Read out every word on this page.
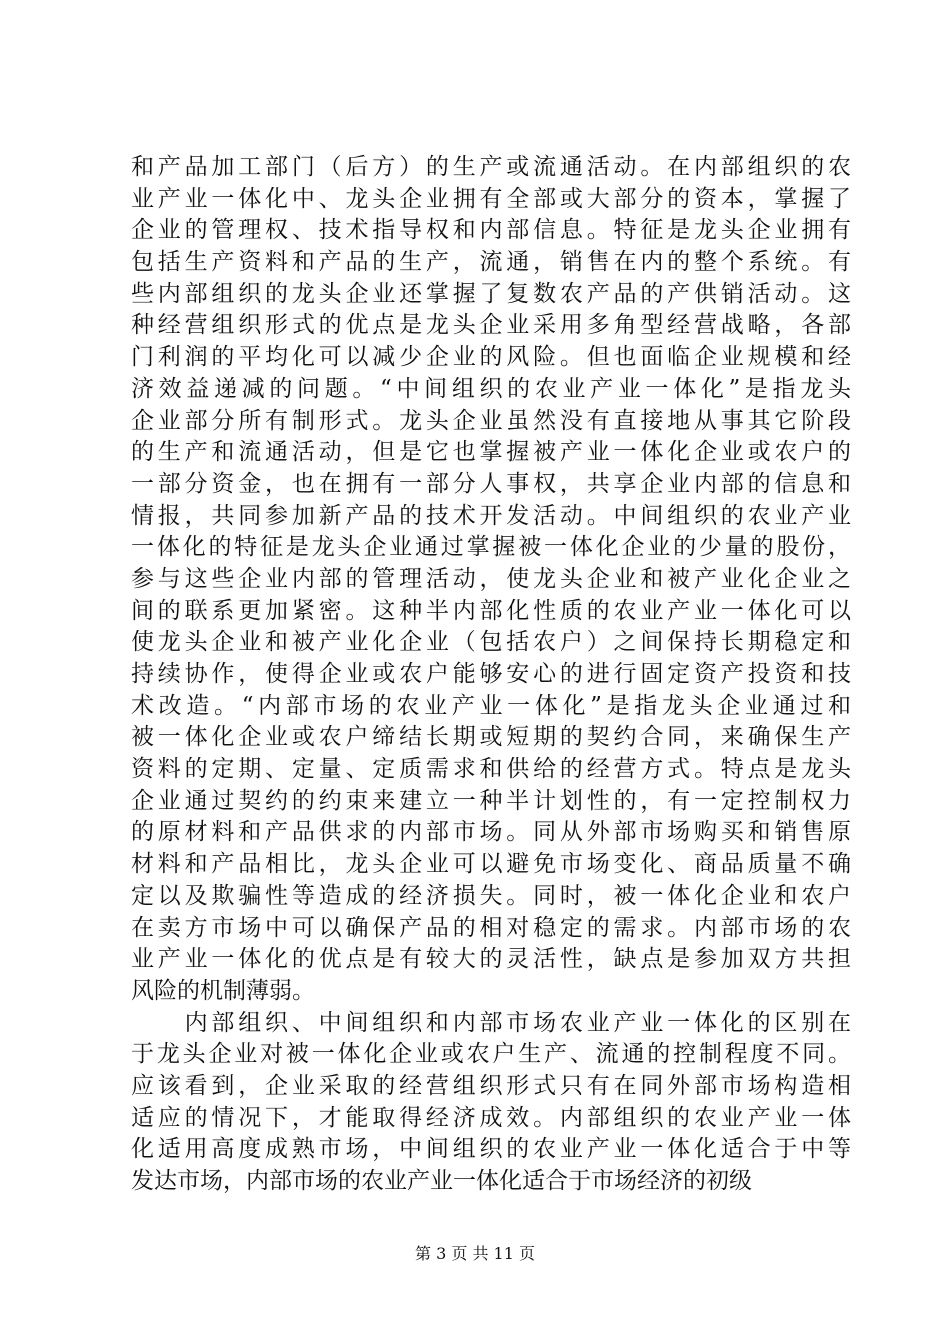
和产品加工部门（后方）的生产或流通活动。在内部组织的农
业产业一体化中、龙头企业拥有全部或大部分的资本，掌握了
企业的管理权、技术指导权和内部信息。特征是龙头企业拥有
包括生产资料和产品的生产，流通，销售在内的整个系统。有
些内部组织的龙头企业还掌握了复数农产品的产供销活动。这
种经营组织形式的优点是龙头企业采用多角型经营战略，各部
门利润的平均化可以减少企业的风险。但也面临企业规模和经
济效益递减的问题。“中间组织的农业产业一体化”是指龙头
企业部分所有制形式。龙头企业虽然没有直接地从事其它阶段
的生产和流通活动，但是它也掌握被产业一体化企业或农户的
一部分资金，也在拥有一部分人事权，共享企业内部的信息和
情报，共同参加新产品的技术开发活动。中间组织的农业产业
一体化的特征是龙头企业通过掌握被一体化企业的少量的股份，
参与这些企业内部的管理活动，使龙头企业和被产业化企业之
间的联系更加紧密。这种半内部化性质的农业产业一体化可以
使龙头企业和被产业化企业（包括农户）之间保持长期稳定和
持续协作，使得企业或农户能够安心的进行固定资产投资和技
术改造。“内部市场的农业产业一体化”是指龙头企业通过和
被一体化企业或农户缔结长期或短期的契约合同，来确保生产
资料的定期、定量、定质需求和供给的经营方式。特点是龙头
企业通过契约的约束来建立一种半计划性的，有一定控制权力
的原材料和产品供求的内部市场。同从外部市场购买和销售原
材料和产品相比，龙头企业可以避免市场变化、商品质量不确
定以及欺骗性等造成的经济损失。同时，被一体化企业和农户
在卖方市场中可以确保产品的相对稳定的需求。内部市场的农
业产业一体化的优点是有较大的灵活性，缺点是参加双方共担
风险的机制薄弱。
　　内部组织、中间组织和内部市场农业产业一体化的区别在
于龙头企业对被一体化企业或农户生产、流通的控制程度不同。
应该看到，企业采取的经营组织形式只有在同外部市场构造相
适应的情况下，才能取得经济成效。内部组织的农业产业一体
化适用高度成熟市场，中间组织的农业产业一体化适合于中等
发达市场，内部市场的农业产业一体化适合于市场经济的初级
第 3 页 共 11 页
